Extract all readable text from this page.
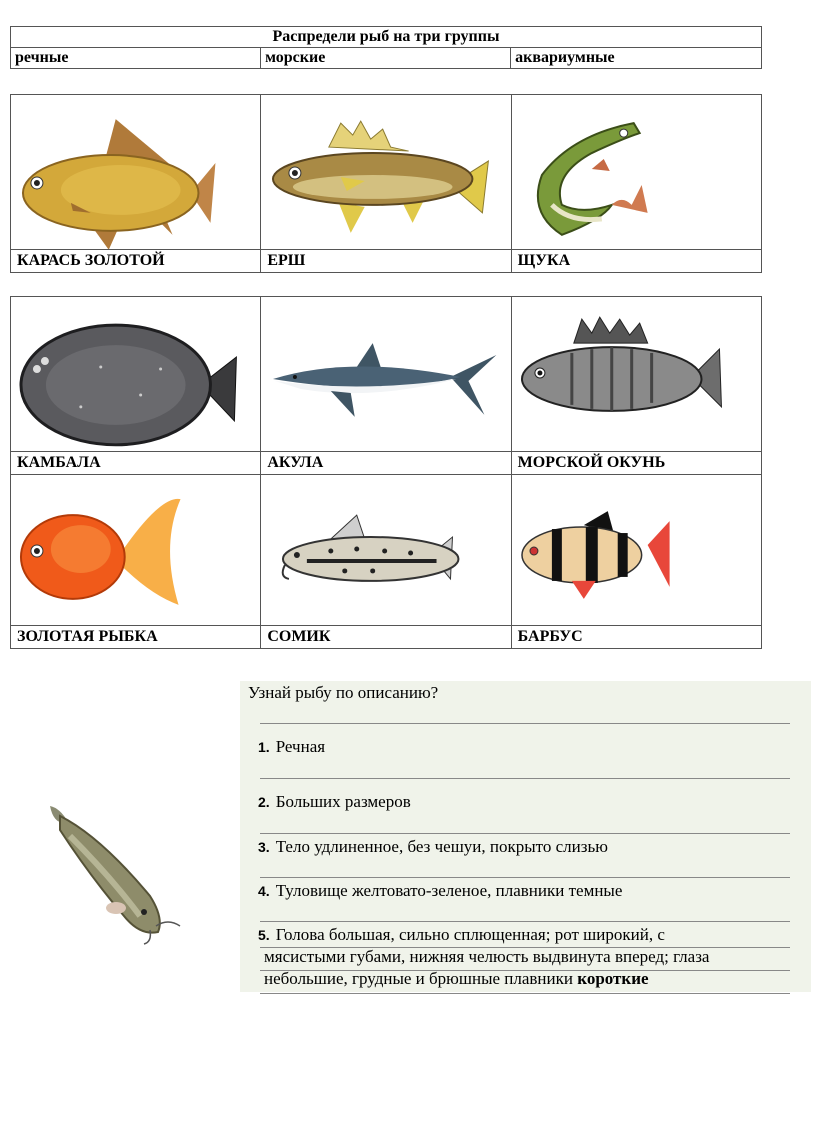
Распредели рыб на три группы
речные	морские	аквариумные

КАРАСЬ ЗОЛОТОЙ	ЕРШ	ЩУКА

КАМБАЛА	АКУЛА	МОРСКОЙ ОКУНЬ

ЗОЛОТАЯ РЫБКА	СОМИК	БАРБУС
Узнай рыбу по описанию?
1. Речная
2. Больших размеров
3. Тело удлиненное, без чешуи, покрыто слизью
4. Туловище желтовато-зеленое, плавники темные
5. Голова большая, сильно сплющенная; рот широкий, с
мясистыми губами, нижняя челюсть выдвинута вперед; глаза
небольшие, грудные и брюшные плавники короткие
